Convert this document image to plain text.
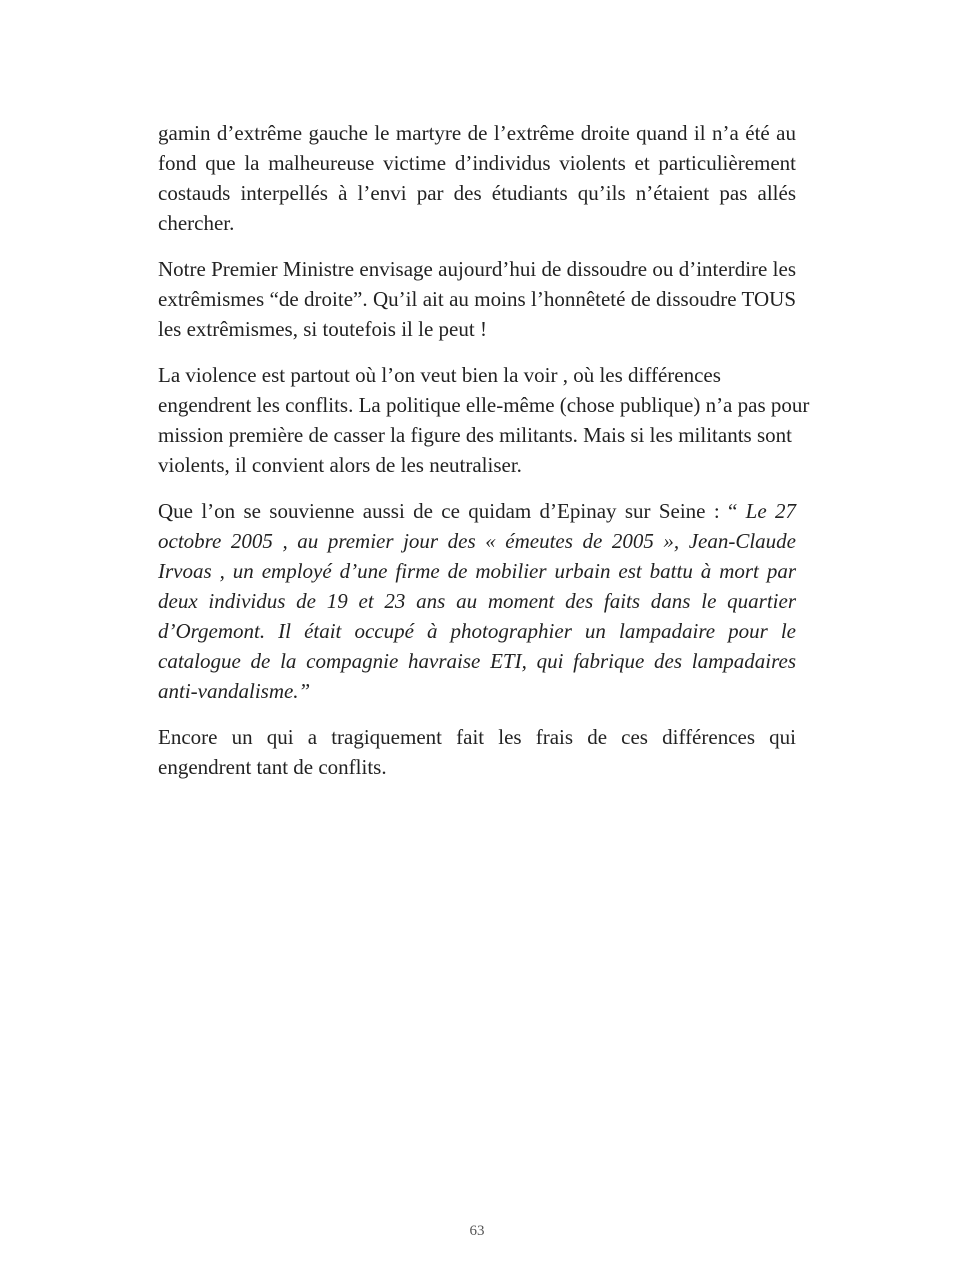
gamin d’extrême gauche le martyre de l’extrême droite quand il n’a été au fond que la malheureuse victime d’individus violents et particulièrement costauds interpellés à l’envi par des étudiants qu’ils n’étaient pas allés chercher.

Notre Premier Ministre envisage aujourd’hui de dissoudre ou d’interdire les extrêmismes “de droite”. Qu’il ait au moins l’honnêteté de dissoudre TOUS les extrêmismes, si toutefois il le peut !

La violence est partout où l’on veut bien la voir , où les différences engendrent les conflits. La politique elle-même (chose publique) n’a pas pour mission première de casser la figure des militants. Mais si les militants sont violents, il convient alors de les neutraliser.

Que l’on se souvienne aussi de ce quidam d’Epinay sur Seine : “ Le 27 octobre 2005 , au premier jour des « émeutes de 2005 », Jean-Claude Irvoas , un employé d’une firme de mobilier urbain est battu à mort par deux individus de 19 et 23 ans au moment des faits dans le quartier d’Orgemont. Il était occupé à photographier un lampadaire pour le catalogue de la compagnie havraise ETI, qui fabrique des lampadaires anti-vandalisme.”

Encore un qui a tragiquement fait les frais de ces différences qui engendrent tant de conflits.

63
